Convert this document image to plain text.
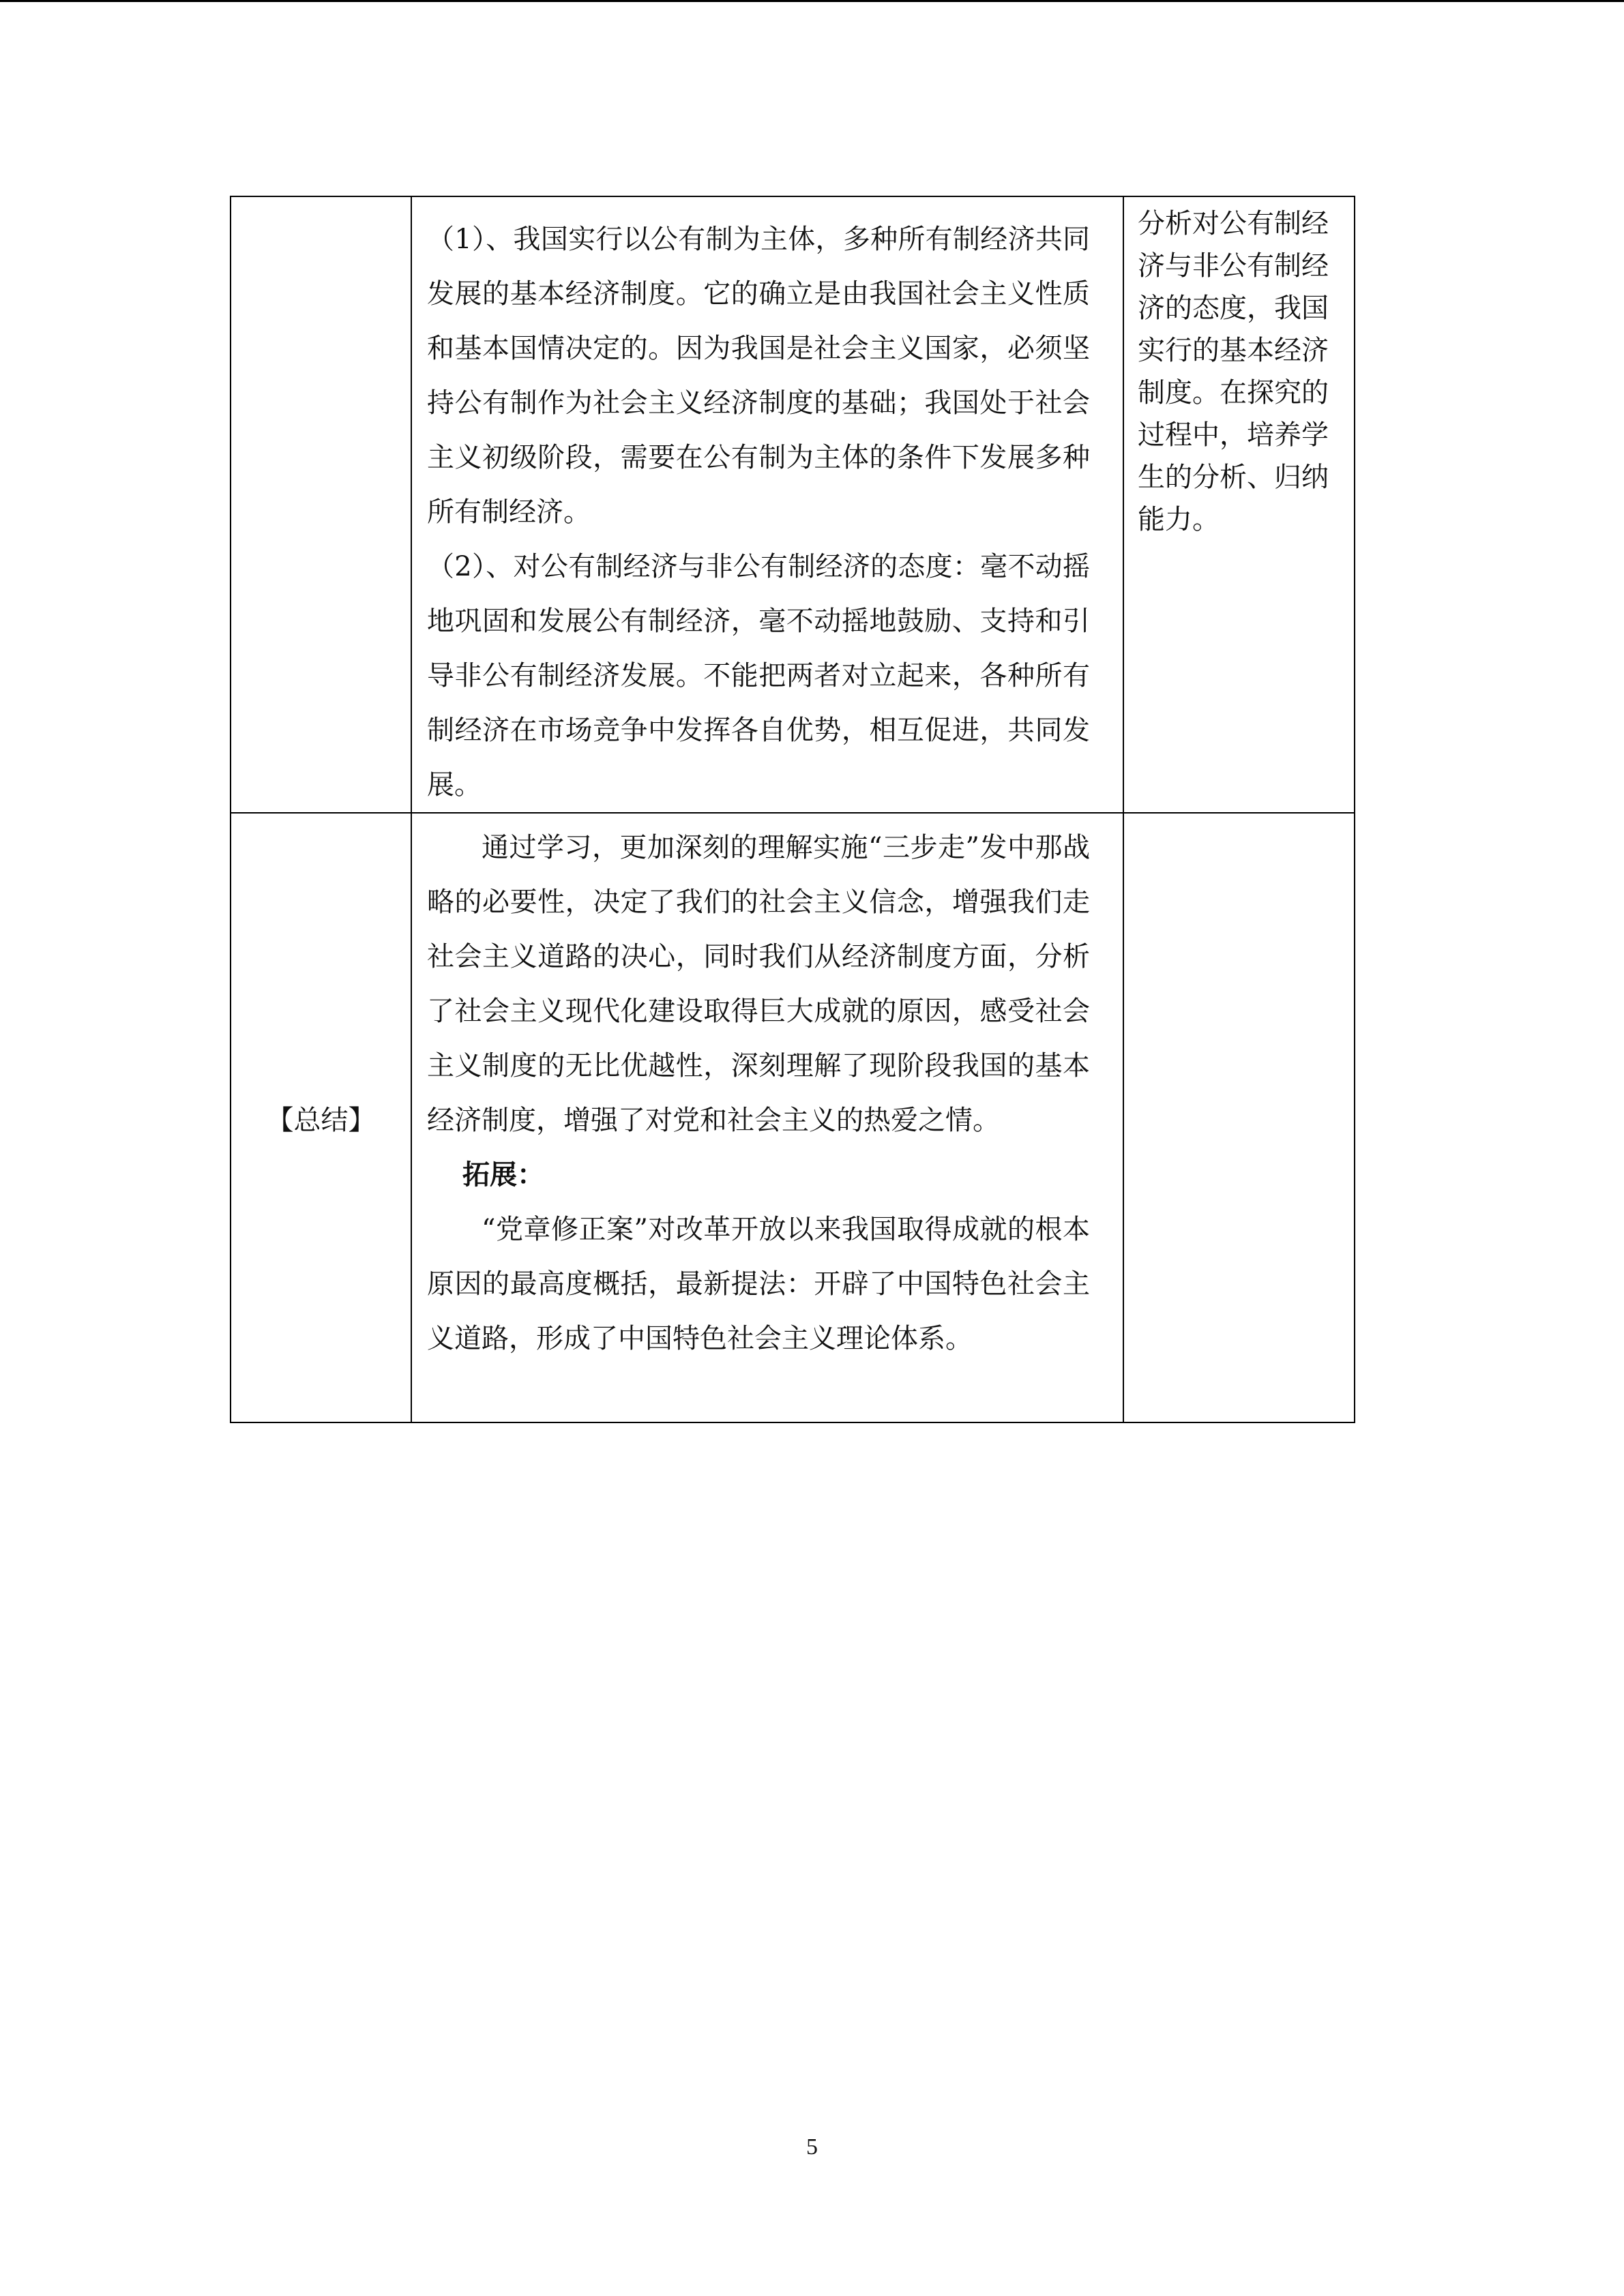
	（1）、我国实行以公有制为主体，多种所有制经济共同发展的基本经济制度。它的确立是由我国社会主义性质和基本国情决定的。因为我国是社会主义国家，必须坚持公有制作为社会主义经济制度的基础；我国处于社会主义初级阶段，需要在公有制为主体的条件下发展多种所有制经济。

（2）、对公有制经济与非公有制经济的态度：毫不动摇地巩固和发展公有制经济，毫不动摇地鼓励、支持和引导非公有制经济发展。不能把两者对立起来，各种所有制经济在市场竞争中发挥各自优势，相互促进，共同发展。	分析对公有制经济与非公有制经济的态度，我国实行的基本经济制度。在探究的过程中，培养学生的分析、归纳能力。

【总结】	通过学习，更加深刻的理解实施“三步走”发中那战略的必要性，决定了我们的社会主义信念，增强我们走社会主义道路的决心，同时我们从经济制度方面，分析了社会主义现代化建设取得巨大成就的原因，感受社会主义制度的无比优越性，深刻理解了现阶段我国的基本经济制度，增强了对党和社会主义的热爱之情。

拓展：

“党章修正案”对改革开放以来我国取得成就的根本原因的最高度概括，最新提法：开辟了中国特色社会主义道路，形成了中国特色社会主义理论体系。	

5
